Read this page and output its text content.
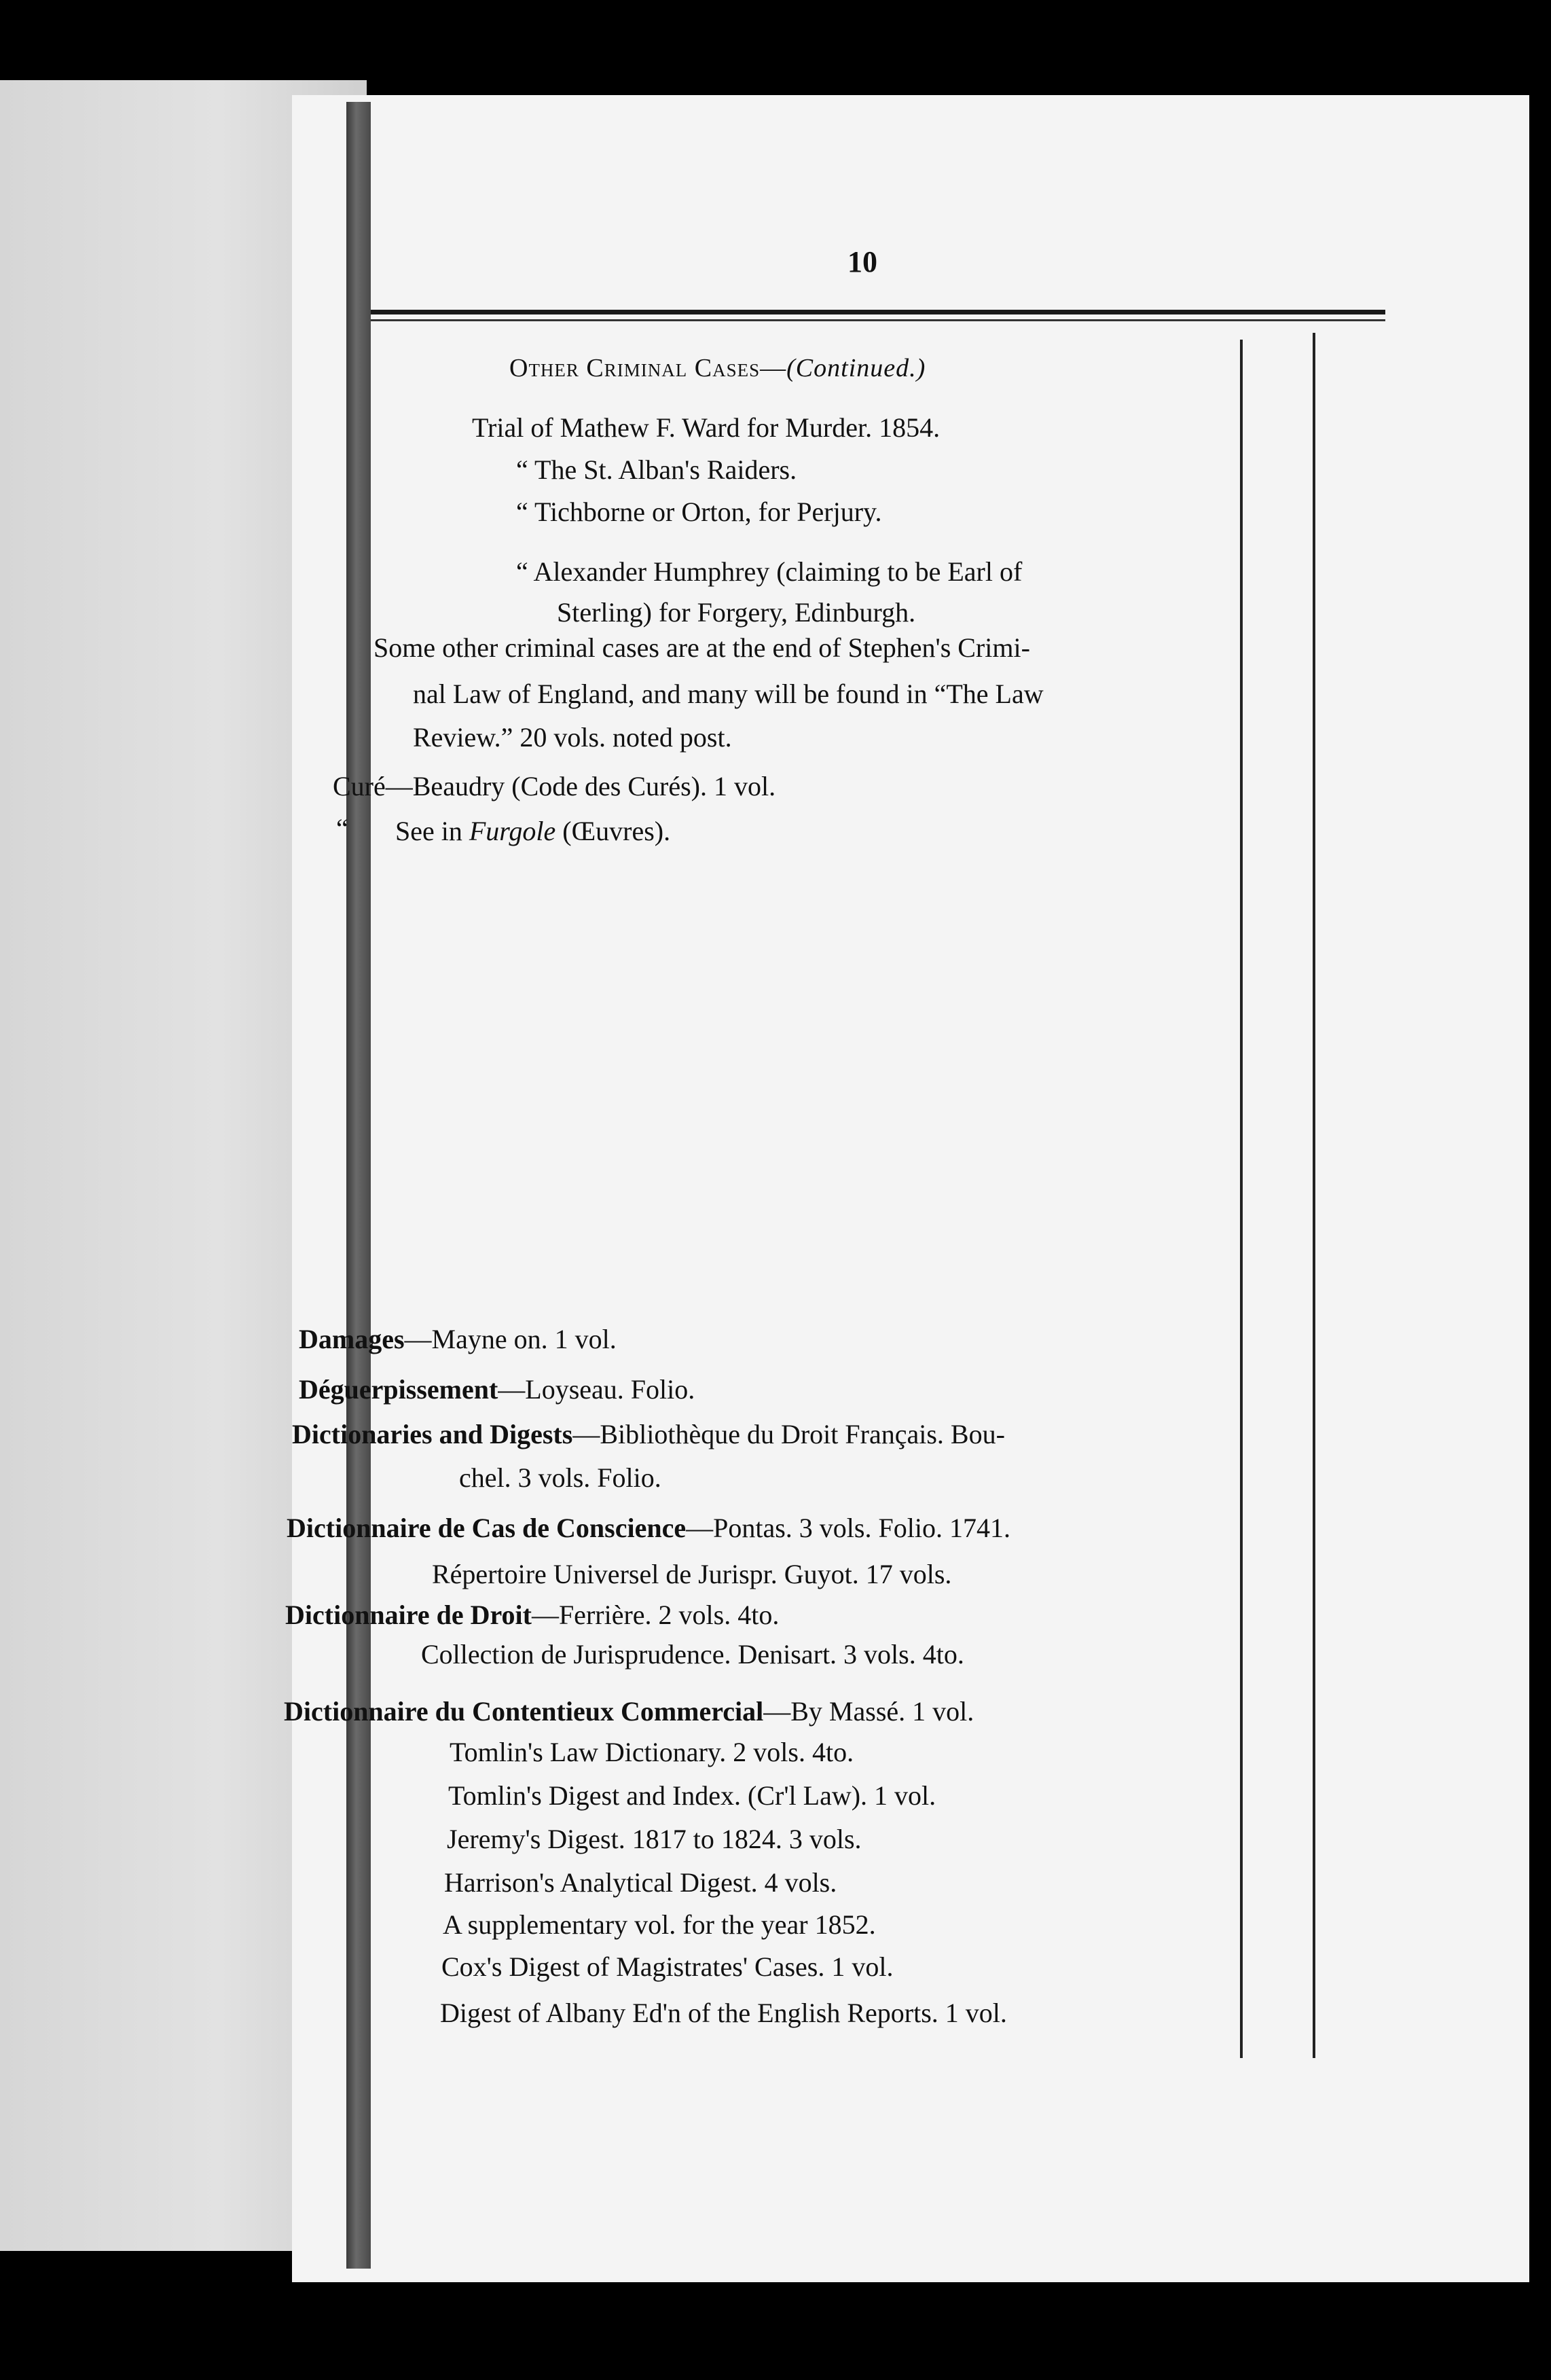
10
Other Criminal Cases—(Continued.)
Trial of Mathew F. Ward for Murder. 1854.
“ The St. Alban's Raiders.
“ Tichborne or Orton, for Perjury.
“ Alexander Humphrey (claiming to be Earl of
Sterling) for Forgery, Edinburgh.
Some other criminal cases are at the end of Stephen's Crimi-
nal Law of England, and many will be found in “The Law
Review.” 20 vols. noted post.
Curé—Beaudry (Code des Curés). 1 vol.
“	See in Furgole (Œuvres).
Damages—Mayne on. 1 vol.
Déguerpissement—Loyseau. Folio.
Dictionaries and Digests—Bibliothèque du Droit Français. Bou-
chel. 3 vols. Folio.
Dictionnaire de Cas de Conscience—Pontas. 3 vols. Folio. 1741.
Répertoire Universel de Jurispr. Guyot. 17 vols.
Dictionnaire de Droit—Ferrière. 2 vols. 4to.
Collection de Jurisprudence. Denisart. 3 vols. 4to.
Dictionnaire du Contentieux Commercial—By Massé. 1 vol.
Tomlin's Law Dictionary. 2 vols. 4to.
Tomlin's Digest and Index. (Cr'l Law). 1 vol.
Jeremy's Digest. 1817 to 1824. 3 vols.
Harrison's Analytical Digest. 4 vols.
A supplementary vol. for the year 1852.
Cox's Digest of Magistrates' Cases. 1 vol.
Digest of Albany Ed'n of the English Reports. 1 vol.
